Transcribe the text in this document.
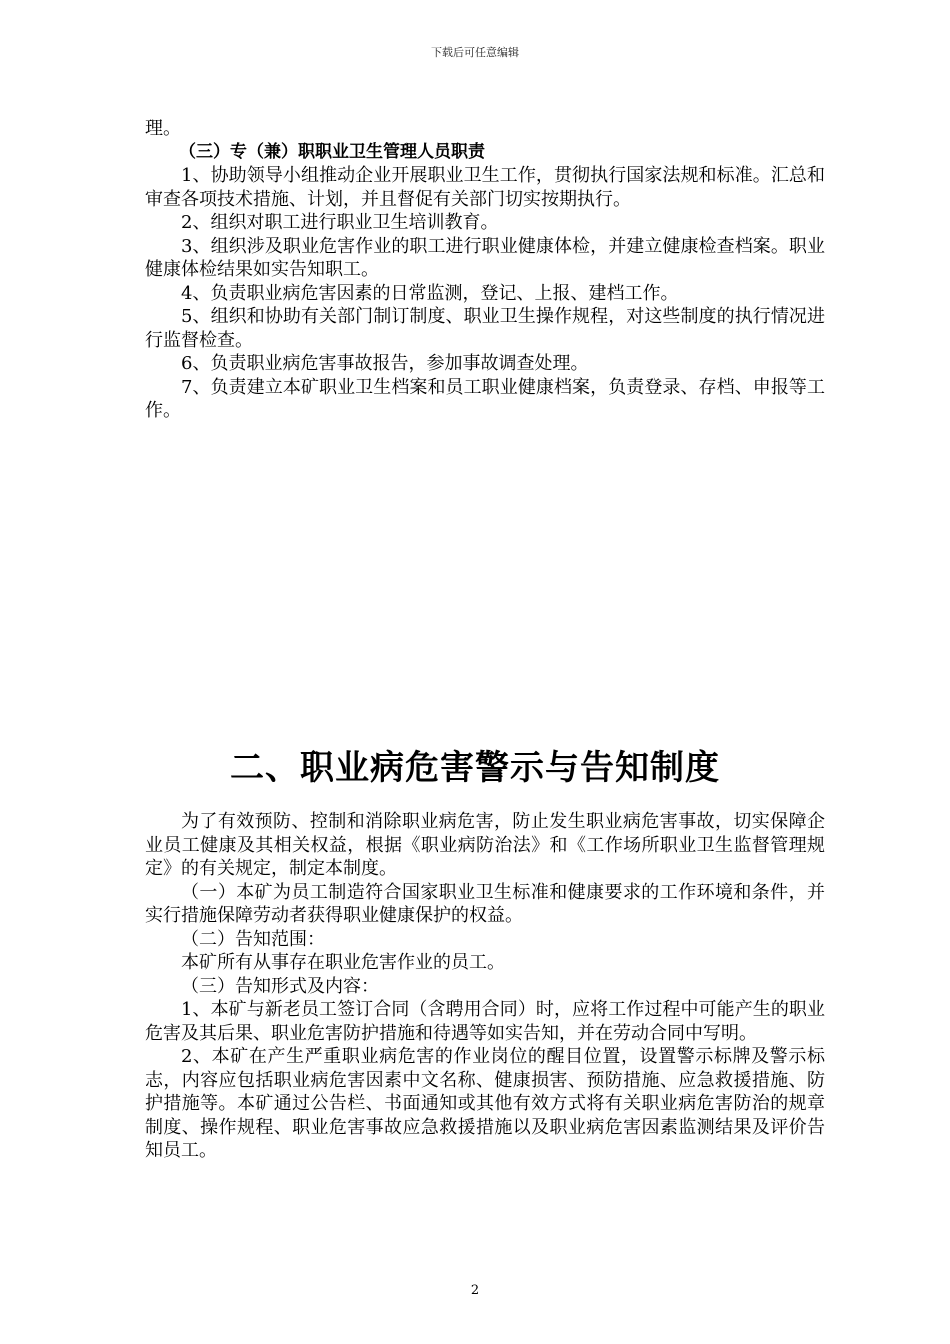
下载后可任意编辑

理。

（三）专（兼）职职业卫生管理人员职责

1、协助领导小组推动企业开展职业卫生工作，贯彻执行国家法规和标准。汇总和审查各项技术措施、计划，并且督促有关部门切实按期执行。

2、组织对职工进行职业卫生培训教育。

3、组织涉及职业危害作业的职工进行职业健康体检，并建立健康检查档案。职业健康体检结果如实告知职工。

4、负责职业病危害因素的日常监测，登记、上报、建档工作。

5、组织和协助有关部门制订制度、职业卫生操作规程，对这些制度的执行情况进行监督检查。

6、负责职业病危害事故报告，参加事故调查处理。

7、负责建立本矿职业卫生档案和员工职业健康档案，负责登录、存档、申报等工作。

二、职业病危害警示与告知制度

为了有效预防、控制和消除职业病危害，防止发生职业病危害事故，切实保障企业员工健康及其相关权益，根据《职业病防治法》和《工作场所职业卫生监督管理规定》的有关规定，制定本制度。

（一）本矿为员工制造符合国家职业卫生标准和健康要求的工作环境和条件，并实行措施保障劳动者获得职业健康保护的权益。

（二）告知范围：

本矿所有从事存在职业危害作业的员工。

（三）告知形式及内容：

1、本矿与新老员工签订合同（含聘用合同）时，应将工作过程中可能产生的职业危害及其后果、职业危害防护措施和待遇等如实告知，并在劳动合同中写明。

2、本矿在产生严重职业病危害的作业岗位的醒目位置，设置警示标牌及警示标志，内容应包括职业病危害因素中文名称、健康损害、预防措施、应急救援措施、防护措施等。本矿通过公告栏、书面通知或其他有效方式将有关职业病危害防治的规章制度、操作规程、职业危害事故应急救援措施以及职业病危害因素监测结果及评价告知员工。

2
